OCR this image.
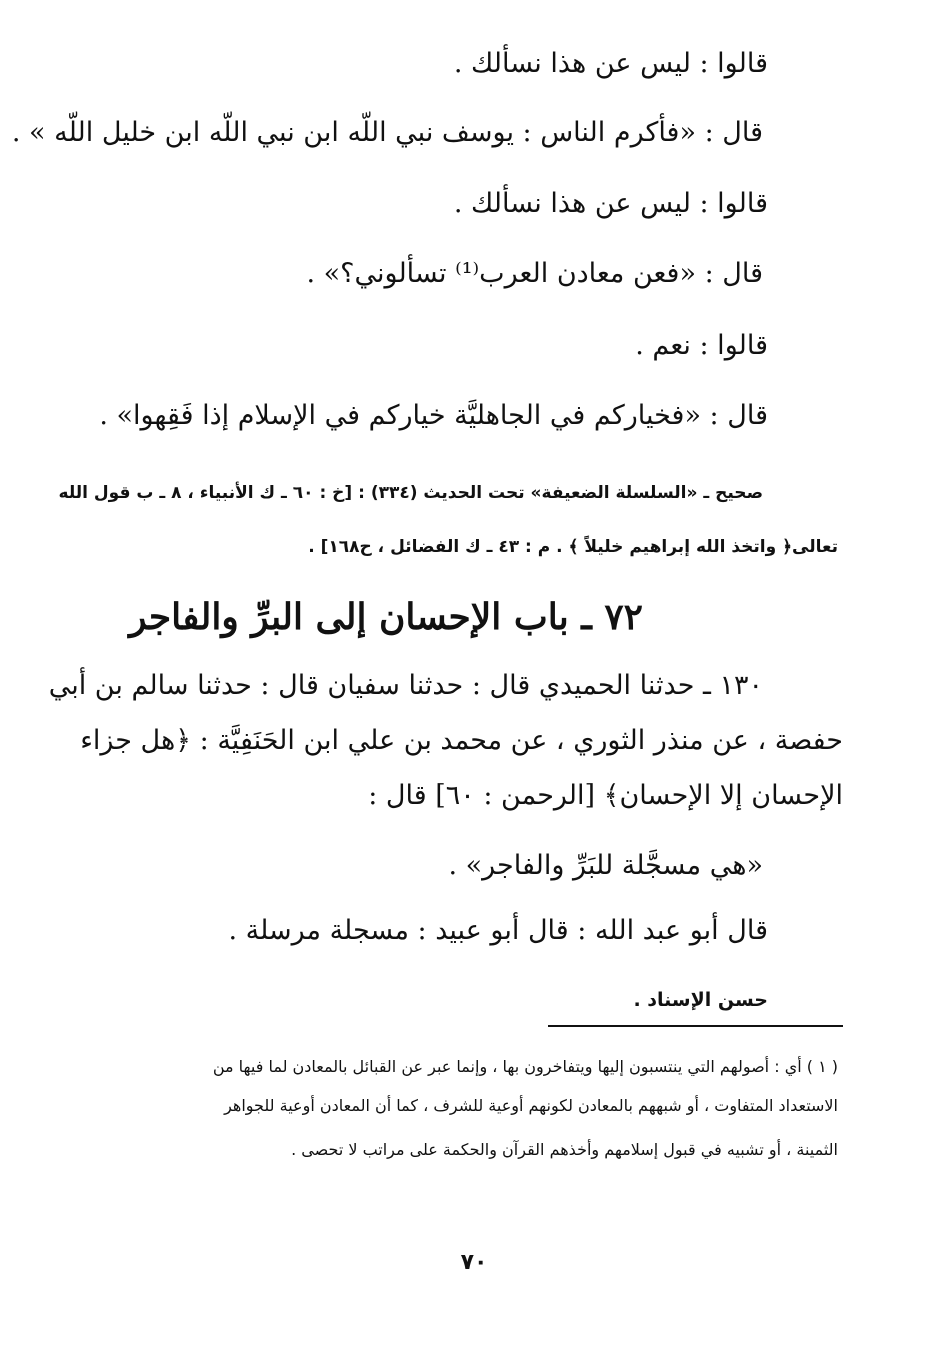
قالوا : ليس عن هذا نسألك .
قال : «فأكرم الناس : يوسف نبي اللّه ابن نبي اللّه ابن خليل اللّه » .
قالوا : ليس عن هذا نسألك .
قال : «فعن معادن العرب⁽¹⁾ تسألوني؟» .
قالوا : نعم .
قال : «فخياركم في الجاهليَّة خياركم في الإسلام إذا فَقِهوا» .
صحيح ـ «السلسلة الضعيفة» تحت الحديث (٣٣٤) : [خ : ٦٠ ـ ك الأنبياء ، ٨ ـ ب قول الله
تعالى﴿ واتخذ الله إبراهيم خليلاً ﴾ . م : ٤٣ ـ ك الفضائل ، ح١٦٨] .
٧٢ ـ باب الإحسان إلى البرِّ والفاجر
١٣٠ ـ حدثنا الحميدي قال : حدثنا سفيان قال : حدثنا سالم بن أبي
حفصة ، عن منذر الثوري ، عن محمد بن علي ابن الحَنَفِيَّة : ﴿هل جزاء
الإحسان إلا الإحسان﴾ [الرحمن : ٦٠] قال :
«هي مسجَّلة للبَرِّ والفاجر» .
قال أبو عبد الله : قال أبو عبيد : مسجلة مرسلة .
حسن الإسناد .
( ١ ) أي : أصولهم التي ينتسبون إليها ويتفاخرون بها ، وإنما عبر عن القبائل بالمعادن لما فيها من
الاستعداد المتفاوت ، أو شبههم بالمعادن لكونهم أوعية للشرف ، كما أن المعادن أوعية للجواهر
الثمينة ، أو تشبيه في قبول إسلامهم وأخذهم القرآن والحكمة على مراتب لا تحصى .
٧٠
